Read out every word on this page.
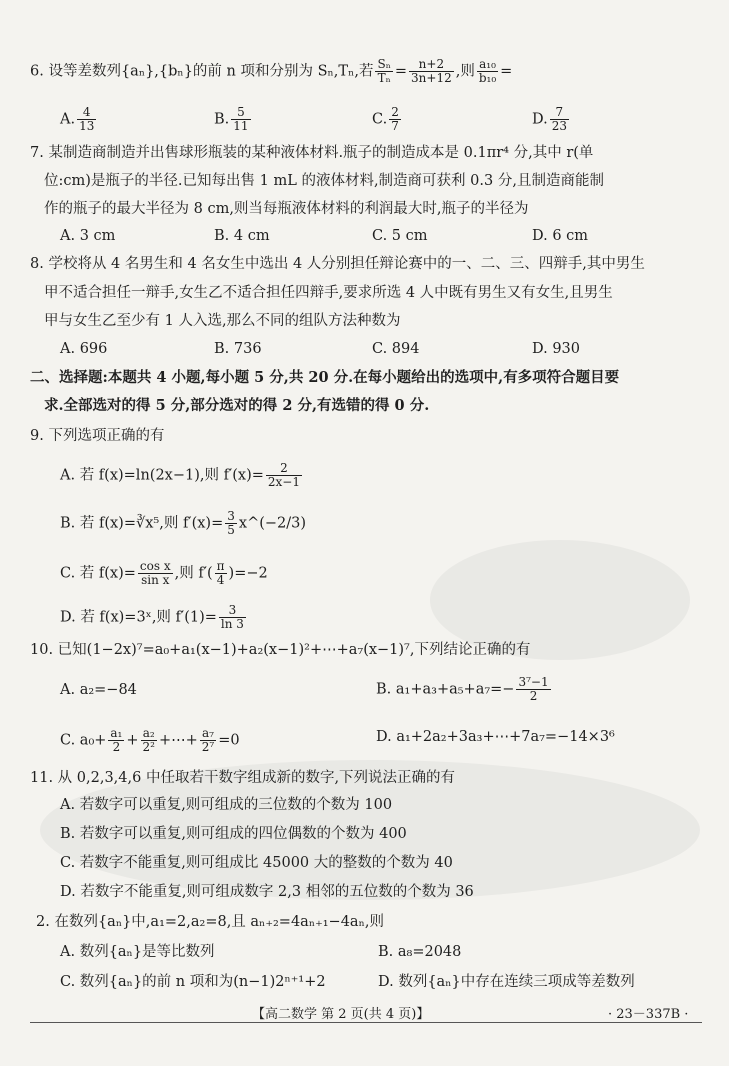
6. 设等差数列{aₙ},{bₙ}的前 n 项和分别为 Sₙ,Tₙ,若 $\frac{\text{Sₙ}}{\text{Tₙ}} = \frac{n+2}{3n+12}$ ,则 $\frac{\text{a₁₀}}{\text{b₁₀}}$ =
A. $\frac{4}{13}$	B. $\frac{5}{11}$	C. $\frac{2}{7}$	D. $\frac{7}{23}$
7. 某制造商制造并出售球形瓶装的某种液体材料.瓶子的制造成本是 0.1πr⁴ 分,其中 r(单
位:cm)是瓶子的半径.已知每出售 1 mL 的液体材料,制造商可获利 0.3 分,且制造商能制
作的瓶子的最大半径为 8 cm,则当每瓶液体材料的利润最大时,瓶子的半径为
A. 3 cm	B. 4 cm	C. 5 cm	D. 6 cm
8. 学校将从 4 名男生和 4 名女生中选出 4 人分别担任辩论赛中的一、二、三、四辩手,其中男生
甲不适合担任一辩手,女生乙不适合担任四辩手,要求所选 4 人中既有男生又有女生,且男生
甲与女生乙至少有 1 人入选,那么不同的组队方法种数为
A. 696	B. 736	C. 894	D. 930
二、选择题:本题共 4 小题,每小题 5 分,共 20 分.在每小题给出的选项中,有多项符合题目要
求.全部选对的得 5 分,部分选对的得 2 分,有选错的得 0 分.
9. 下列选项正确的有
A. 若 f(x)=ln(2x−1),则 $f'(x)= \frac{2}{2x-1}$
B. 若 f(x)=∛x⁵,则 $f'(x)= \frac{3}{5}$ x^(−2/3)
C. 若 $f(x)= \frac{\text{cos x}}{\text{sin x}}$ ,则 $f'( \frac{\pi}{4} )=-2$
D. 若 f(x)=3ˣ,则 $f'(1)= \frac{3}{\ln 3}$
10. 已知(1−2x)⁷=a₀+a₁(x−1)+a₂(x−1)²+⋯+a₇(x−1)⁷,下列结论正确的有
A. a₂=−84	B. $a_1+a_3+a_5+a_7=- \frac{\text{3⁷−1}}{2}$
C. $a_0+ \frac{\text{a₁}}{2} + \frac{\text{a₂}}{\text{2²}}$ +⋯+ $\frac{\text{a₇}}{\text{2⁷}} =0$	D. a₁+2a₂+3a₃+⋯+7a₇=−14×3⁶
11. 从 0,2,3,4,6 中任取若干数字组成新的数字,下列说法正确的有
A. 若数字可以重复,则可组成的三位数的个数为 100
B. 若数字可以重复,则可组成的四位偶数的个数为 400
C. 若数字不能重复,则可组成比 45000 大的整数的个数为 40
D. 若数字不能重复,则可组成数字 2,3 相邻的五位数的个数为 36
2. 在数列{aₙ}中,a₁=2,a₂=8,且 aₙ₊₂=4aₙ₊₁−4aₙ,则
A. 数列{aₙ}是等比数列	B. a₈=2048
C. 数列{aₙ}的前 n 项和为(n−1)2ⁿ⁺¹+2	D. 数列{aₙ}中存在连续三项成等差数列
【高二数学 第 2 页(共 4 页)】	· 23－337B ·
